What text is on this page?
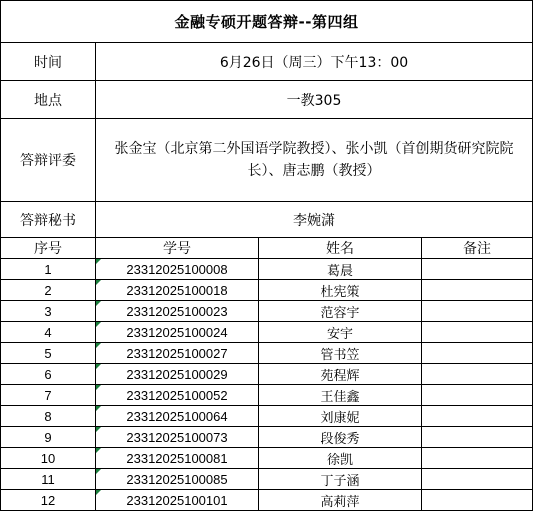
金融专硕开题答辩--第四组			
时间	6月26日（周三）下午13：00		
地点	一教305		
答辩评委	张金宝（北京第二外国语学院教授）、张小凯（首创期货研究院院长）、唐志鹏（教授）		
答辩秘书	李婉潇		
序号	学号	姓名	备注
1	23312025100008	葛晨	
2	23312025100018	杜宪策	
3	23312025100023	范容宇	
4	23312025100024	安宇	
5	23312025100027	管书笠	
6	23312025100029	苑程辉	
7	23312025100052	王佳鑫	
8	23312025100064	刘康妮	
9	23312025100073	段俊秀	
10	23312025100081	徐凯	
11	23312025100085	丁子涵	
12	23312025100101	高莉萍	
